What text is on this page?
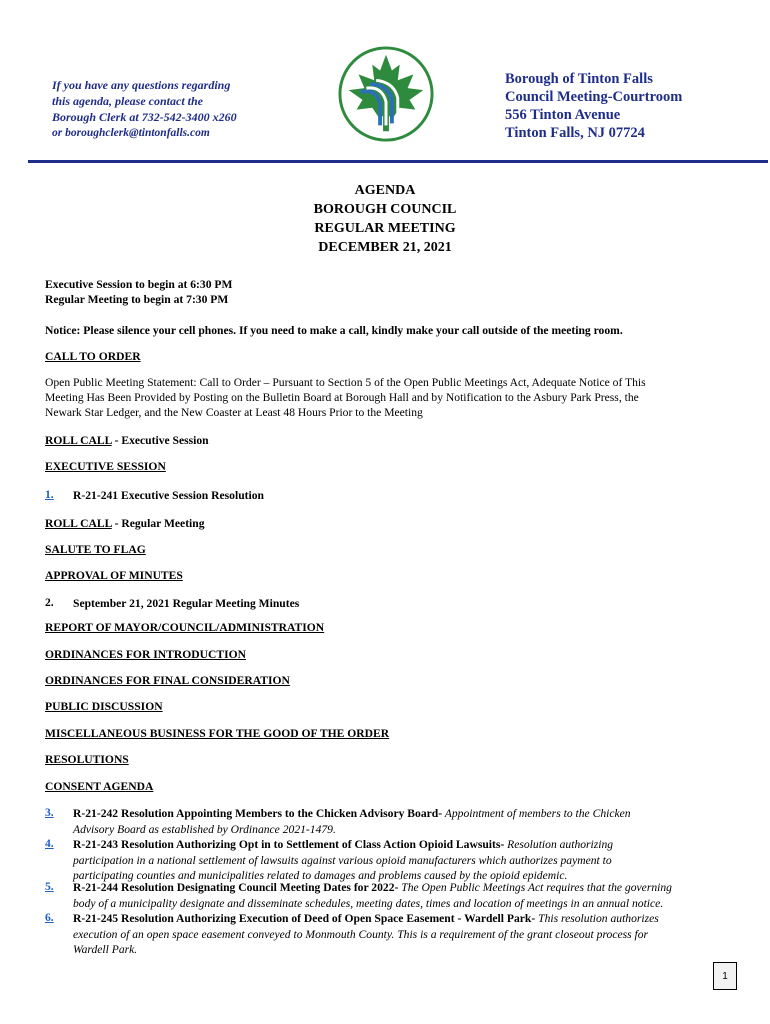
If you have any questions regarding
this agenda, please contact the
Borough Clerk at 732-542-3400 x260
or boroughclerk@tintonfalls.com
Borough of Tinton Falls
Council Meeting-Courtroom
556 Tinton Avenue
Tinton Falls, NJ 07724
AGENDA
BOROUGH COUNCIL
REGULAR MEETING
DECEMBER 21, 2021
Executive Session to begin at 6:30 PM
Regular Meeting to begin at 7:30 PM
Notice: Please silence your cell phones. If you need to make a call, kindly make your call outside of the meeting room.
CALL TO ORDER
Open Public Meeting Statement: Call to Order – Pursuant to Section 5 of the Open Public Meetings Act, Adequate Notice of This
Meeting Has Been Provided by Posting on the Bulletin Board at Borough Hall and by Notification to the Asbury Park Press, the
Newark Star Ledger, and the New Coaster at Least 48 Hours Prior to the Meeting
ROLL CALL - Executive Session
EXECUTIVE SESSION
1. R-21-241 Executive Session Resolution
ROLL CALL - Regular Meeting
SALUTE TO FLAG
APPROVAL OF MINUTES
2. September 21, 2021 Regular Meeting Minutes
REPORT OF MAYOR/COUNCIL/ADMINISTRATION
ORDINANCES FOR INTRODUCTION
ORDINANCES FOR FINAL CONSIDERATION
PUBLIC DISCUSSION
MISCELLANEOUS BUSINESS FOR THE GOOD OF THE ORDER
RESOLUTIONS
CONSENT AGENDA
3. R-21-242 Resolution Appointing Members to the Chicken Advisory Board- Appointment of members to the Chicken
Advisory Board as established by Ordinance 2021-1479.
4. R-21-243 Resolution Authorizing Opt in to Settlement of Class Action Opioid Lawsuits- Resolution authorizing
participation in a national settlement of lawsuits against various opioid manufacturers which authorizes payment to
participating counties and municipalities related to damages and problems caused by the opioid epidemic.
5. R-21-244 Resolution Designating Council Meeting Dates for 2022- The Open Public Meetings Act requires that the governing
body of a municipality designate and disseminate schedules, meeting dates, times and location of meetings in an annual notice.
6. R-21-245 Resolution Authorizing Execution of Deed of Open Space Easement - Wardell Park- This resolution authorizes
execution of an open space easement conveyed to Monmouth County. This is a requirement of the grant closeout process for
Wardell Park.
1
